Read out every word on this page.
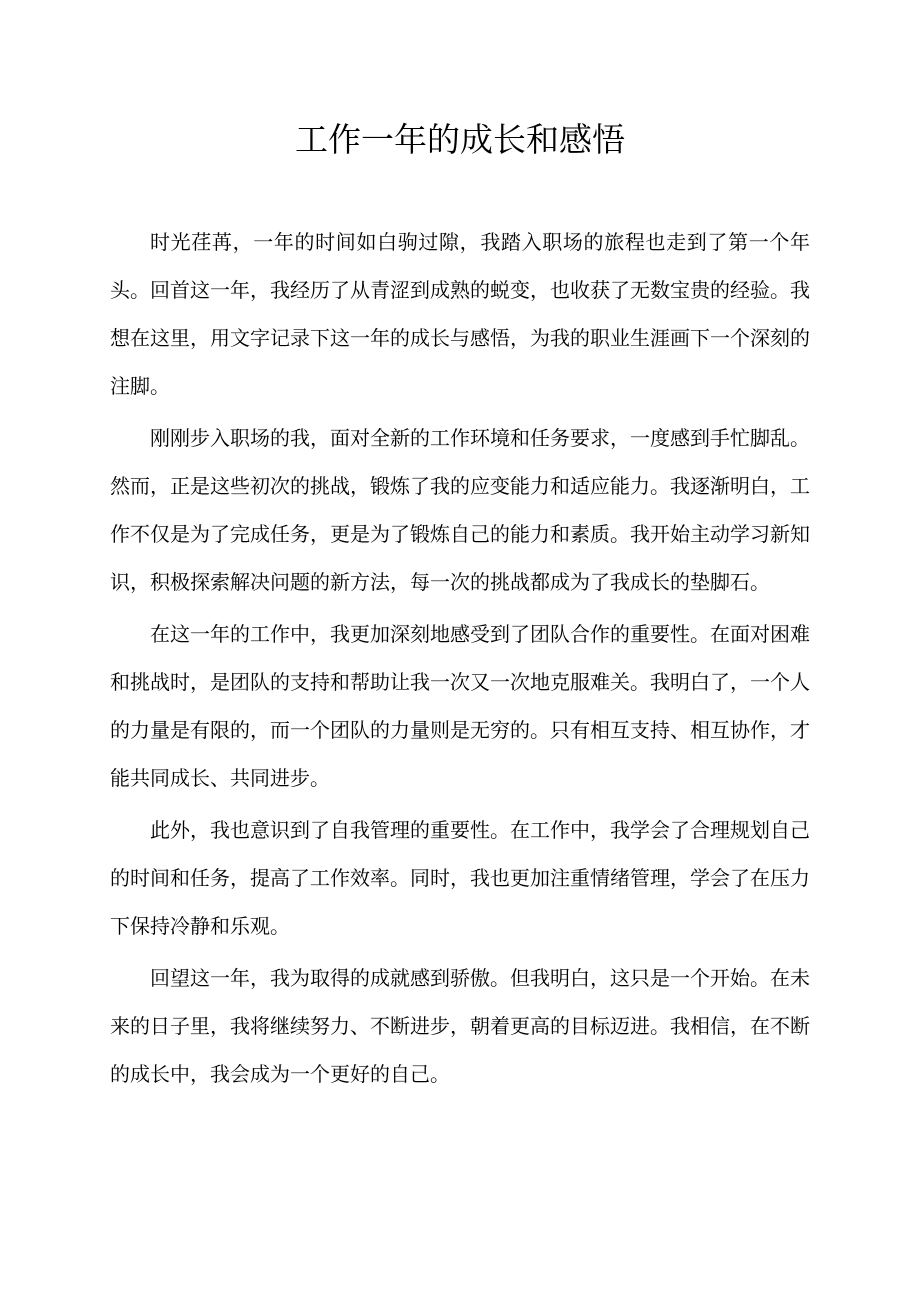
工作一年的成长和感悟

时光荏苒，一年的时间如白驹过隙，我踏入职场的旅程也走到了第一个年头。回首这一年，我经历了从青涩到成熟的蜕变，也收获了无数宝贵的经验。我想在这里，用文字记录下这一年的成长与感悟，为我的职业生涯画下一个深刻的注脚。

刚刚步入职场的我，面对全新的工作环境和任务要求，一度感到手忙脚乱。然而，正是这些初次的挑战，锻炼了我的应变能力和适应能力。我逐渐明白，工作不仅是为了完成任务，更是为了锻炼自己的能力和素质。我开始主动学习新知识，积极探索解决问题的新方法，每一次的挑战都成为了我成长的垫脚石。

在这一年的工作中，我更加深刻地感受到了团队合作的重要性。在面对困难和挑战时，是团队的支持和帮助让我一次又一次地克服难关。我明白了，一个人的力量是有限的，而一个团队的力量则是无穷的。只有相互支持、相互协作，才能共同成长、共同进步。

此外，我也意识到了自我管理的重要性。在工作中，我学会了合理规划自己的时间和任务，提高了工作效率。同时，我也更加注重情绪管理，学会了在压力下保持冷静和乐观。

回望这一年，我为取得的成就感到骄傲。但我明白，这只是一个开始。在未来的日子里，我将继续努力、不断进步，朝着更高的目标迈进。我相信，在不断的成长中，我会成为一个更好的自己。
